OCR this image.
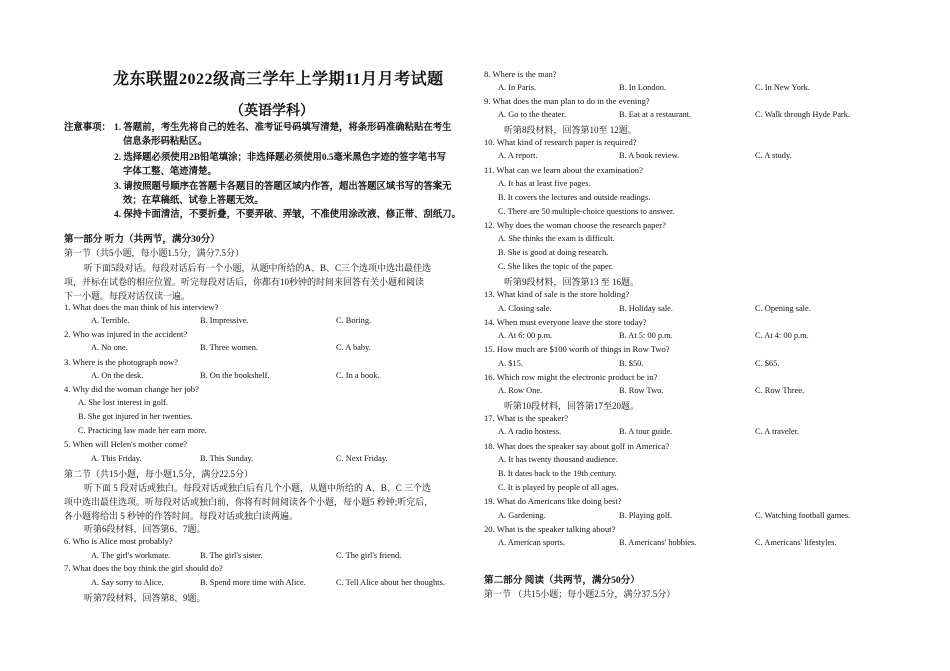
龙东联盟2022级高三学年上学期11月月考试题
（英语学科）
注意事项： 1. 答题前，考生先将自己的姓名、准考证号码填写清楚，将条形码准确粘贴在考生
信息条形码粘贴区。
2. 选择题必须使用2B铅笔填涂；非选择题必须使用0.5毫米黑色字迹的签字笔书写
字体工整、笔迹清楚。
3. 请按照题号顺序在答题卡各题目的答题区域内作答，超出答题区域书写的答案无
效；在草稿纸、试卷上答题无效。
4. 保持卡面清洁，不要折叠，不要弄破、弄皱，不准使用涂改液、修正带、刮纸刀。
第一部分 听力（共两节，满分30分）
第一节（共5小题，每小题1.5分，满分7.5分）
听下面5段对话。每段对话后有一个小题，从题中所给的A、B、C三个选项中选出最佳选
项，并标在试卷的相应位置。听完每段对话后，你都有10秒钟的时间来回答有关小题和阅读
下一小题。每段对话仅读一遍。
1. What does the man think of his interview?
A. Terrible.	B. Impressive.	C. Boring.
2. Who was injured in the accident?
A. No one.	B. Three women.	C. A baby.
3. Where is the photograph now?
A. On the desk.	B. On the bookshelf.	C. In a book.
4. Why did the woman change her job?
A. She lost interest in golf.
B. She got injured in her twenties.
C. Practicing law made her earn more.
5. When will Helen's mother come?
A. This Friday.	B. This Sunday.	C. Next Friday.
第二节（共15小题，每小题1.5分，满分22.5分）
听下面 5 段对话或独白。每段对话或独白后有几个小题，从题中所给的 A、B、C 三个选
项中选出最佳选项。听每段对话或独白前，你将有时间阅读各个小题，每小题5 秒钟;听完后，
各小题将给出 5 秒钟的作答时间。每段对话或独白读两遍。
听第6段材料，回答第6、7题。
6. Who is Alice most probably?
A. The girl's workmate.	B. The girl's sister.	C. The girl's friend.
7. What does the boy think the girl should do?
A. Say sorry to Alice.	B. Spend more time with Alice.	C. Tell Alice about her thoughts.
听第7段材料，回答第8、9题。
8. Where is the man?
A. In Paris.	B. In London.	C. In New York.
9. What does the man plan to do in the evening?
A. Go to the theater.	B. Eat at a restaurant.	C. Walk through Hyde Park.
听第8段材料，回答第10至 12题。
10. What kind of research paper is required?
A. A report.	B. A book review.	C. A study.
11. What can we learn about the examination?
A. It has at least five pages.
B. It covers the lectures and outside readings.
C. There are 50 multiple-choice questions to answer.
12. Why does the woman choose the research paper?
A. She thinks the exam is difficult.
B. She is good at doing research.
C. She likes the topic of the paper.
听第9段材料，回答第13 至 16题。
13. What kind of sale is the store holding?
A. Closing sale.	B. Holiday sale.	C. Opening sale.
14. When must everyone leave the store today?
A. At 6: 00 p.m.	B. At 5: 00 p.m.	C. At 4: 00 p.m.
15. How much are $100 worth of things in Row Two?
A. $15.	B. $50.	C. $65.
16. Which row might the electronic product be in?
A. Row One.	B. Row Two.	C. Row Three.
听第10段材料，回答第17至20题。
17. What is the speaker?
A. A radio hostess.	B. A tour guide.	C. A traveler.
18. What does the speaker say about golf in America?
A. It has twenty thousand audience.
B. It dates back to the 19th century.
C. It is played by people of all ages.
19. What do Americans like doing best?
A. Gardening.	B. Playing golf.	C. Watching football games.
20. What is the speaker talking about?
A. American sports.	B. Americans' hobbies.	C. Americans' lifestyles.
第二部分 阅读（共两节，满分50分）
第一节 （共15小题；每小题2.5分，满分37.5分）
